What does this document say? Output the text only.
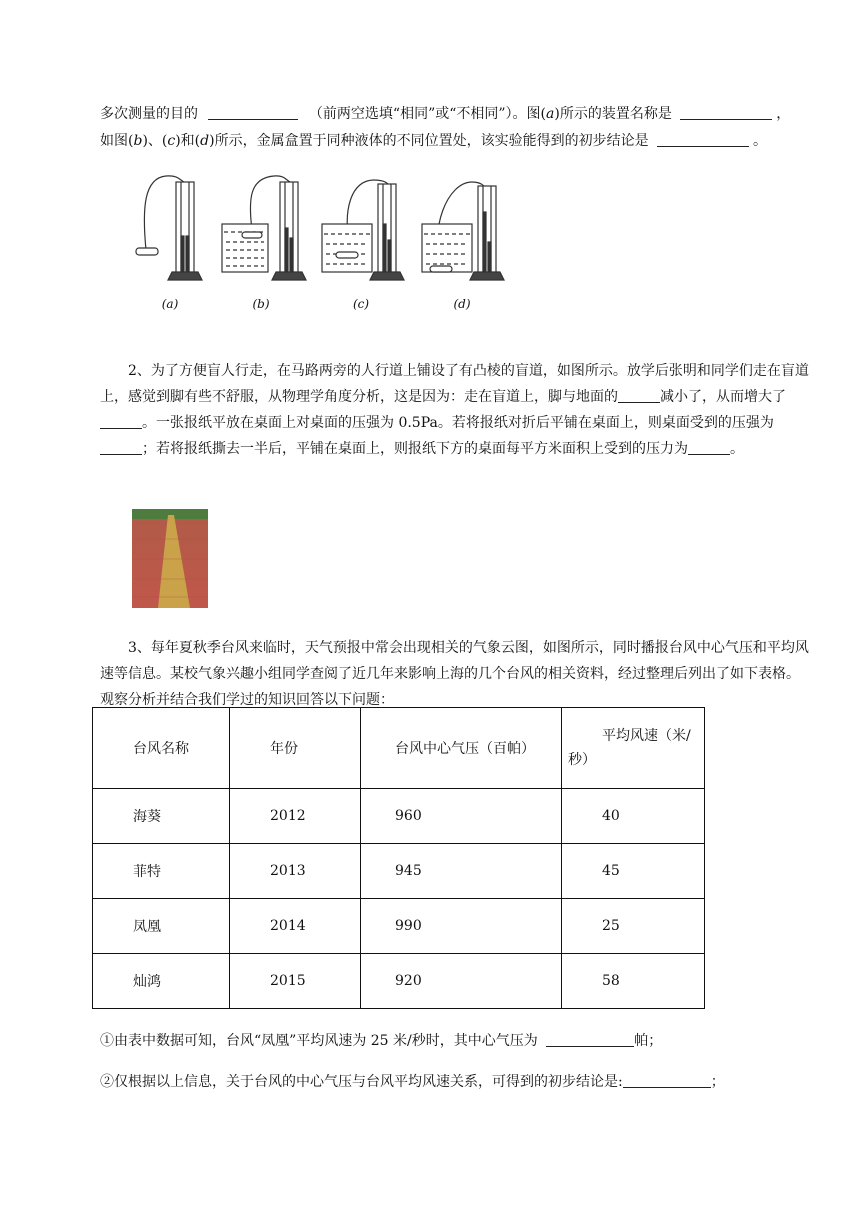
多次测量的目的	（前两空选填“相同”或“不相同”）。图(a)所示的装置名称是	，
如图(b)、(c)和(d)所示，金属盒置于同种液体的不同位置处，该实验能得到的初步结论是	。
(a)	(b)	(c)	(d)
2、为了方便盲人行走，在马路两旁的人行道上铺设了有凸棱的盲道，如图所示。放学后张明和同学们走在盲道上，感觉到脚有些不舒服，从物理学角度分析，这是因为：走在盲道上，脚与地面的	减小了，从而增大了。一张报纸平放在桌面上对桌面的压强为 0.5Pa。若将报纸对折后平铺在桌面上，则桌面受到的压强为；若将报纸撕去一半后，平铺在桌面上，则报纸下方的桌面每平方米面积上受到的压力为	。
3、每年夏秋季台风来临时，天气预报中常会出现相关的气象云图，如图所示，同时播报台风中心气压和平均风速等信息。某校气象兴趣小组同学查阅了近几年来影响上海的几个台风的相关资料，经过整理后列出了如下表格。观察分析并结合我们学过的知识回答以下问题：
台风名称	年份	台风中心气压（百帕）	平均风速（米/秒）
海葵	2012	960	40
菲特	2013	945	45
凤凰	2014	990	25
灿鸿	2015	920	58
①由表中数据可知，台风“凤凰”平均风速为 25 米/秒时，其中心气压为	帕；
②仅根据以上信息，关于台风的中心气压与台风平均风速关系，可得到的初步结论是:	；
